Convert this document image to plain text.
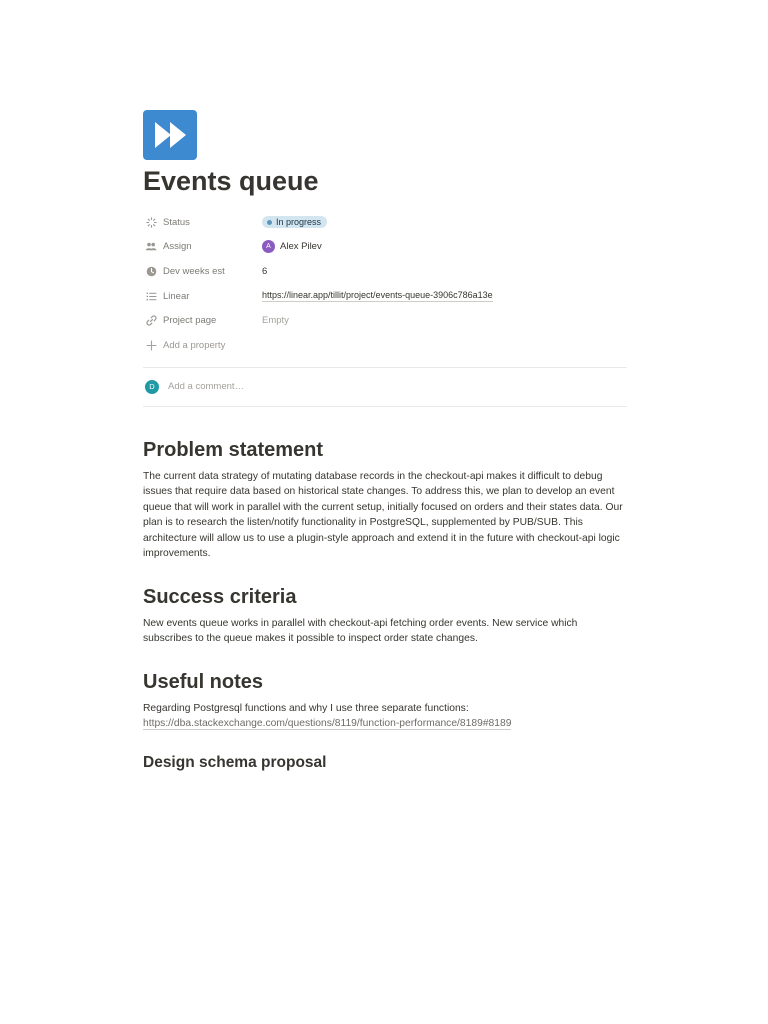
Events queue
Status	In progress
Assign	A Alex Pilev
Dev weeks est	6
Linear	https://linear.app/tillit/project/events-queue-3906c786a13e
Project page	Empty
Add a property
D	Add a comment…
Problem statement

The current data strategy of mutating database records in the checkout-api makes it difficult to debug issues that require data based on historical state changes. To address this, we plan to develop an event queue that will work in parallel with the current setup, initially focused on orders and their states data. Our plan is to research the listen/notify functionality in PostgreSQL, supplemented by PUB/SUB. This architecture will allow us to use a plugin-style approach and extend it in the future with checkout-api logic improvements.

Success criteria

New events queue works in parallel with checkout-api fetching order events. New service which subscribes to the queue makes it possible to inspect order state changes.

Useful notes

Regarding Postgresql functions and why I use three separate functions:
https://dba.stackexchange.com/questions/8119/function-performance/8189#8189

Design schema proposal
